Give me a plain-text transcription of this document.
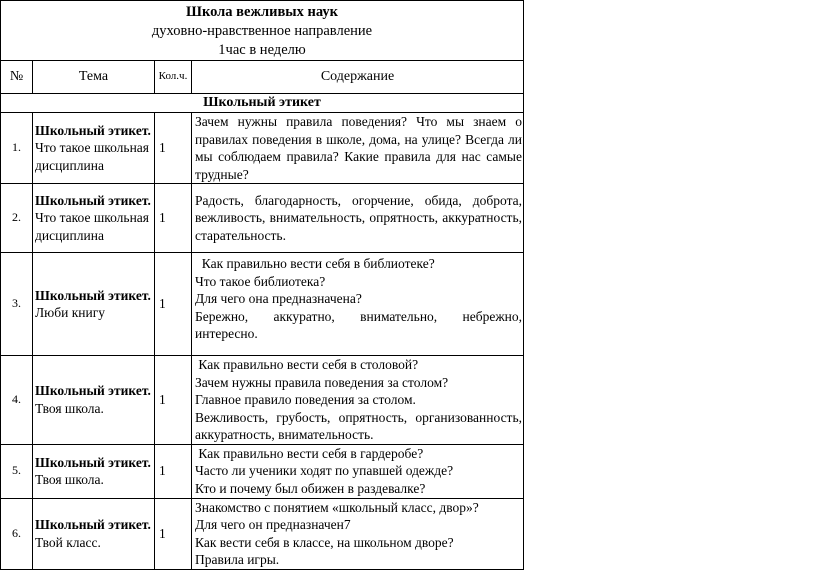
Школа вежливых наук
духовно-нравственное направление
1час в неделю			

№	Тема	Кол.ч.	Содержание
Школьный этикет			
1.	Школьный этикет. Что такое школьная дисциплина	1	Зачем нужны правила поведения? Что мы знаем о правилах поведения в школе, дома, на улице? Всегда ли мы соблюдаем правила? Какие правила для нас самые трудные?

2.	Школьный этикет. Что такое школьная дисциплина	1	Радость, благодарность, огорчение, обида, доброта, вежливость, внимательность, опрятность, аккуратность, старательность.

3.	Школьный этикет. Люби книгу	1	Как правильно вести себя в библиотеке?
Что такое библиотека?
Для чего она предназначена?
Бережно, аккуратно, внимательно, небрежно, интересно.

4.	Школьный этикет. Твоя школа.	1	Как правильно вести себя в столовой?
Зачем нужны правила поведения за столом?
Главное правило поведения за столом.
Вежливость, грубость, опрятность, организованность, аккуратность, внимательность.

5.	Школьный этикет. Твоя школа.	1	Как правильно вести себя в гардеробе?
Часто ли ученики ходят по упавшей одежде?
Кто и почему был обижен в раздевалке?

6.	Школьный этикет. Твой класс.	1	Знакомство с понятием «школьный класс, двор»?
Для чего он предназначен7
Как вести себя в классе, на школьном дворе?
Правила игры.
